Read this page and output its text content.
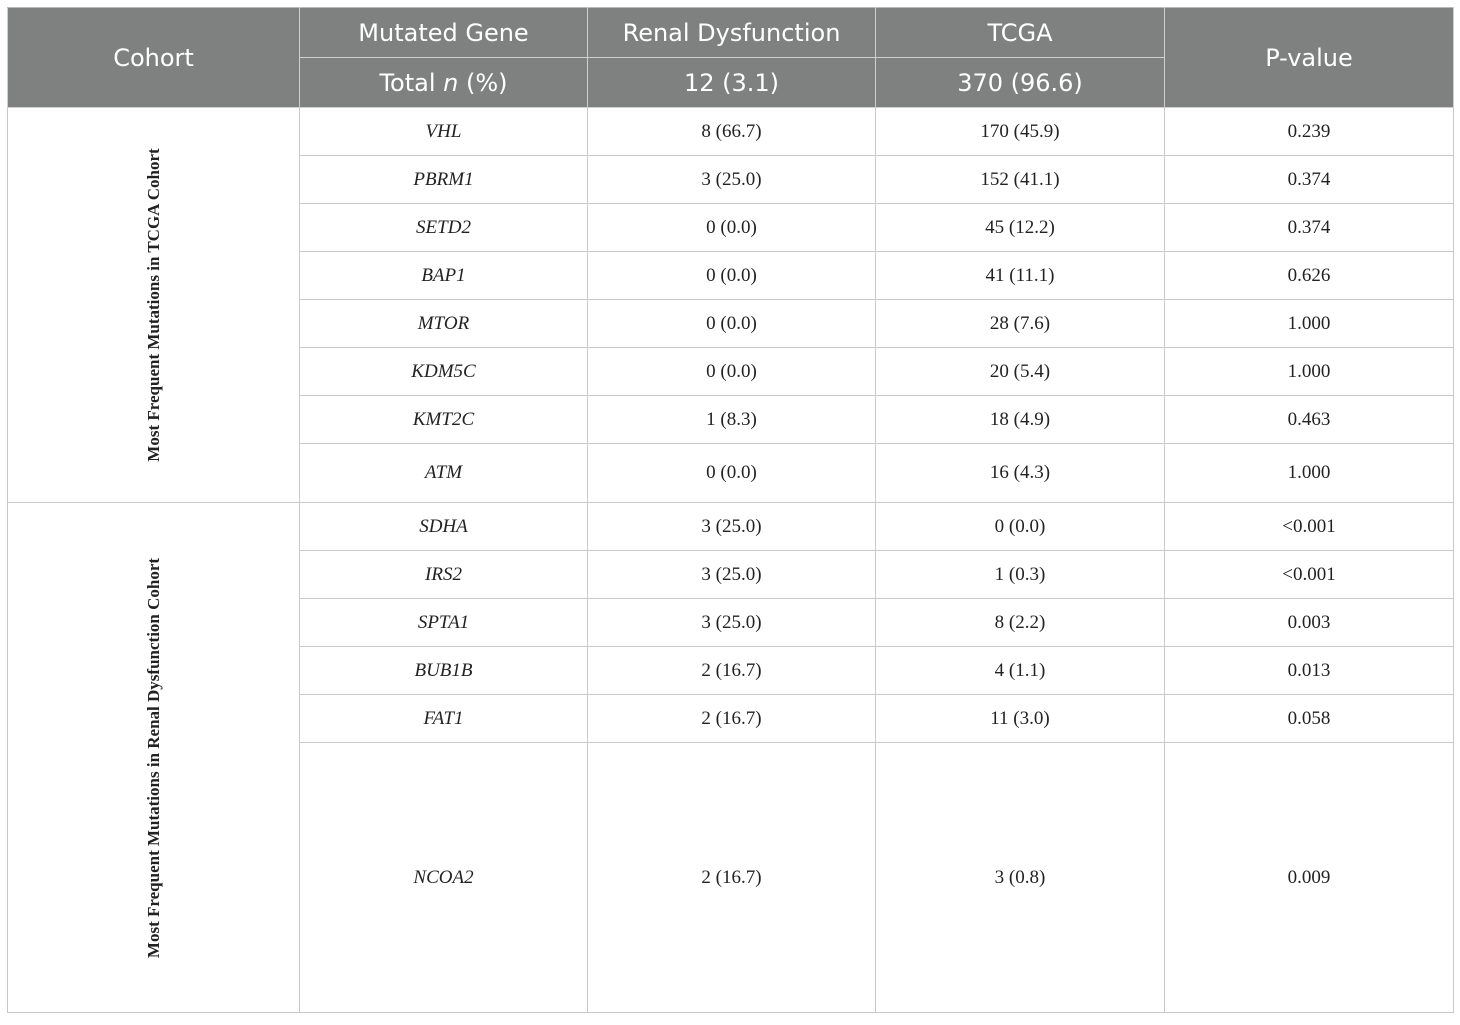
Cohort	Mutated Gene	Renal Dysfunction	TCGA	P-value
	Total n (%)	12 (3.1)	370 (96.6)	

Most Frequent Mutations in TCGA Cohort	VHL	8 (66.7)	170 (45.9)	0.239
	PBRM1	3 (25.0)	152 (41.1)	0.374
	SETD2	0 (0.0)	45 (12.2)	0.374
	BAP1	0 (0.0)	41 (11.1)	0.626
	MTOR	0 (0.0)	28 (7.6)	1.000
	KDM5C	0 (0.0)	20 (5.4)	1.000
	KMT2C	1 (8.3)	18 (4.9)	0.463
	ATM	0 (0.0)	16 (4.3)	1.000

Most Frequent Mutations in Renal Dysfunction Cohort	SDHA	3 (25.0)	0 (0.0)	<0.001
	IRS2	3 (25.0)	1 (0.3)	<0.001
	SPTA1	3 (25.0)	8 (2.2)	0.003
	BUB1B	2 (16.7)	4 (1.1)	0.013
	FAT1	2 (16.7)	11 (3.0)	0.058
	NCOA2	2 (16.7)	3 (0.8)	0.009
